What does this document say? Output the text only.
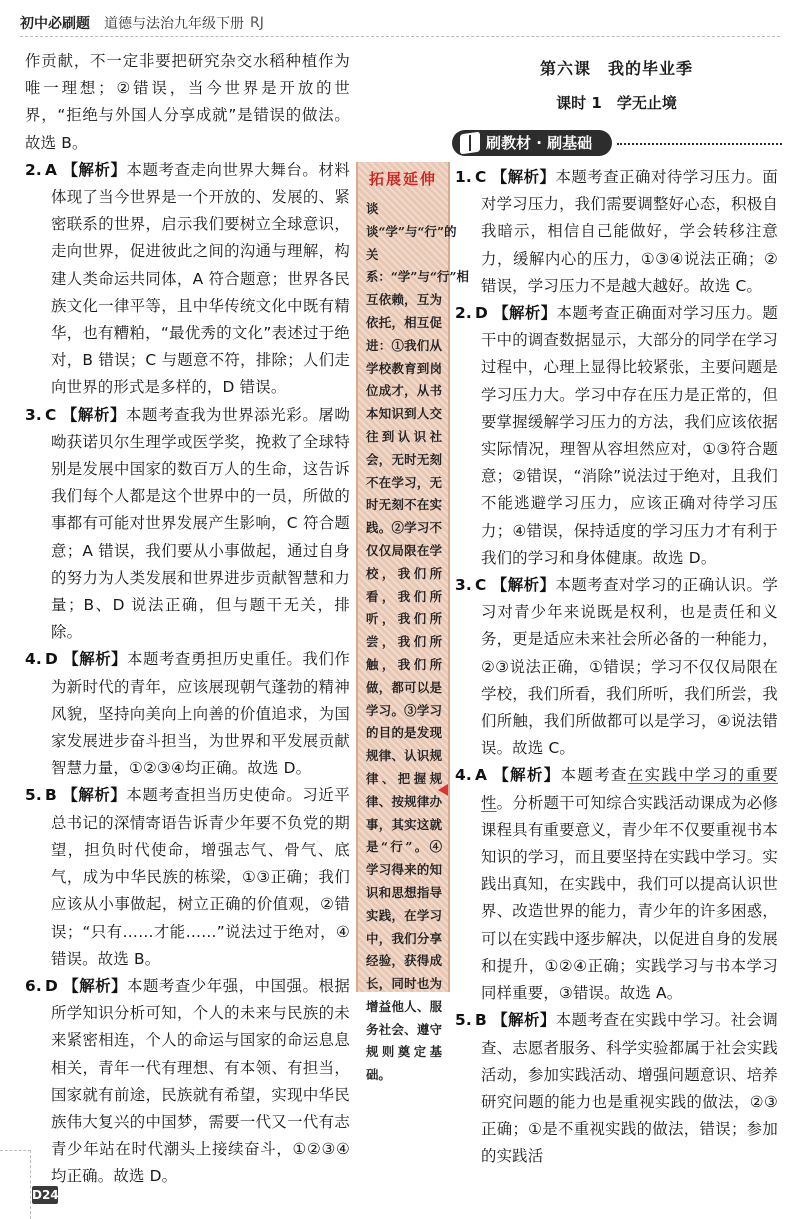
初中必刷题 道德与法治九年级下册 RJ

作贡献，不一定非要把研究杂交水稻种植作为唯一理想；②错误，当今世界是开放的世界，“拒绝与外国人分享成就”是错误的做法。故选 B。

2. A 【解析】本题考查走向世界大舞台。材料体现了当今世界是一个开放的、发展的、紧密联系的世界，启示我们要树立全球意识，走向世界，促进彼此之间的沟通与理解，构建人类命运共同体，A 符合题意；世界各民族文化一律平等，且中华传统文化中既有精华，也有糟粕，“最优秀的文化”表述过于绝对，B 错误；C 与题意不符，排除；人们走向世界的形式是多样的，D 错误。

3. C 【解析】本题考查我为世界添光彩。屠呦呦获诺贝尔生理学或医学奖，挽救了全球特别是发展中国家的数百万人的生命，这告诉我们每个人都是这个世界中的一员，所做的事都有可能对世界发展产生影响，C 符合题意；A 错误，我们要从小事做起，通过自身的努力为人类发展和世界进步贡献智慧和力量；B、D 说法正确，但与题干无关，排除。

4. D 【解析】本题考查勇担历史重任。我们作为新时代的青年，应该展现朝气蓬勃的精神风貌，坚持向美向上向善的价值追求，为国家发展进步奋斗担当，为世界和平发展贡献智慧力量，①②③④均正确。故选 D。

5. B 【解析】本题考查担当历史使命。习近平总书记的深情寄语告诉青少年要不负党的期望，担负时代使命，增强志气、骨气、底气，成为中华民族的栋梁，①③正确；我们应该从小事做起，树立正确的价值观，②错误；“只有……才能……”说法过于绝对，④错误。故选 B。

6. D 【解析】本题考查少年强，中国强。根据所学知识分析可知，个人的未来与民族的未来紧密相连，个人的命运与国家的命运息息相关，青年一代有理想、有本领、有担当，国家就有前途，民族就有希望，实现中华民族伟大复兴的中国梦，需要一代又一代有志青少年站在时代潮头上接续奋斗，①②③④均正确。故选 D。

拓展延伸
谈谈“学”与“行”的关系：“学”与“行”相互依赖，互为依托，相互促进：①我们从学校教育到岗位成才，从书本知识到人交往到认识社会，无时无刻不在学习，无时无刻不在实践。②学习不仅仅局限在学校，我们所看，我们所听，我们所尝，我们所触，我们所做，都可以是学习。③学习的目的是发现规律、认识规律、把握规律、按规律办事，其实这就是“行”。④学习得来的知识和思想指导实践，在学习中，我们分享经验，获得成长，同时也为增益他人、服务社会、遵守规则奠定基础。
第六课　我的毕业季
课时 1　学无止境
刷教材 · 刷基础

1. C 【解析】本题考查正确对待学习压力。面对学习压力，我们需要调整好心态，积极自我暗示，相信自己能做好，学会转移注意力，缓解内心的压力，①③④说法正确；②错误，学习压力不是越大越好。故选 C。

2. D 【解析】本题考查正确面对学习压力。题干中的调查数据显示，大部分的同学在学习过程中，心理上显得比较紧张，主要问题是学习压力大。学习中存在压力是正常的，但要掌握缓解学习压力的方法，我们应该依据实际情况，理智从容坦然应对，①③符合题意；②错误，“消除”说法过于绝对，且我们不能逃避学习压力，应该正确对待学习压力；④错误，保持适度的学习压力才有利于我们的学习和身体健康。故选 D。

3. C 【解析】本题考查对学习的正确认识。学习对青少年来说既是权利，也是责任和义务，更是适应未来社会所必备的一种能力，②③说法正确，①错误；学习不仅仅局限在学校，我们所看，我们所听，我们所尝，我们所触，我们所做都可以是学习，④说法错误。故选 C。

4. A 【解析】本题考查在实践中学习的重要性。分析题干可知综合实践活动课成为必修课程具有重要意义，青少年不仅要重视书本知识的学习，而且要坚持在实践中学习。实践出真知，在实践中，我们可以提高认识世界、改造世界的能力，青少年的许多困惑，可以在实践中逐步解决，以促进自身的发展和提升，①②④正确；实践学习与书本学习同样重要，③错误。故选 A。

5. B 【解析】本题考查在实践中学习。社会调查、志愿者服务、科学实验都属于社会实践活动，参加实践活动、增强问题意识、培养研究问题的能力也是重视实践的做法，②③正确；①是不重视实践的做法，错误；参加的实践活

D24
